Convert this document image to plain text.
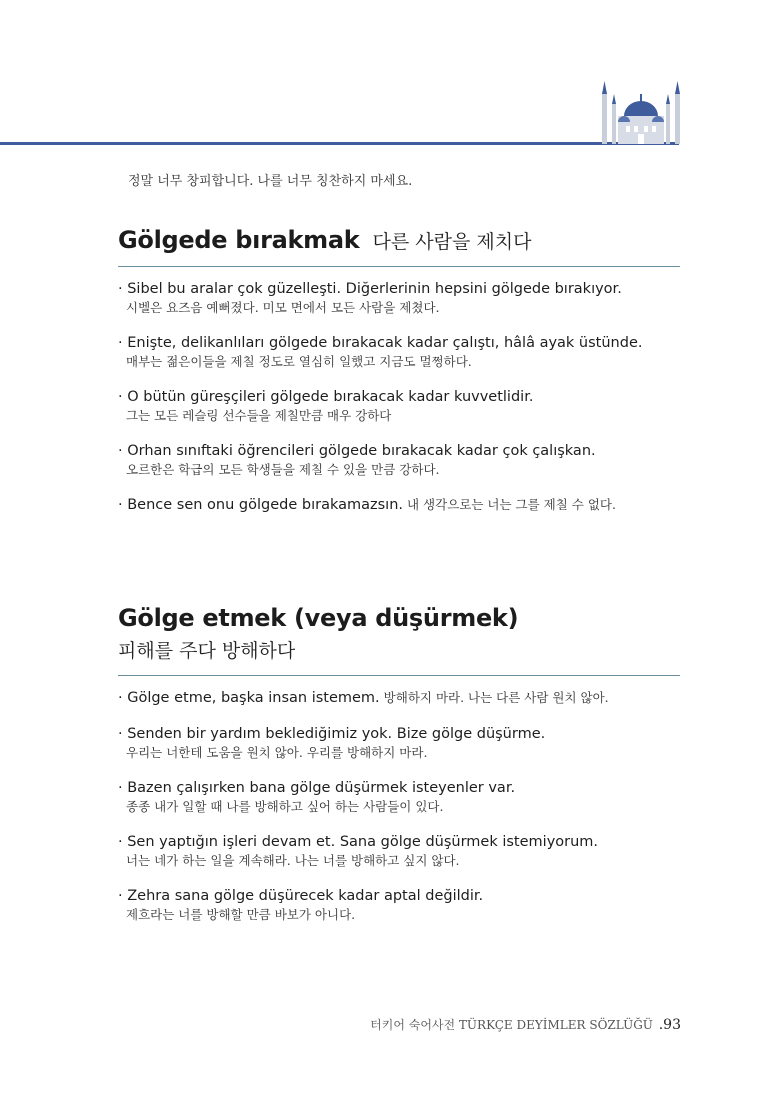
정말 너무 창피합니다. 나를 너무 칭찬하지 마세요.
Gölgede bırakmak 다른 사람을 제치다
· Sibel bu aralar çok güzelleşti. Diğerlerinin hepsini gölgede bırakıyor.
시벨은 요즈음 예뻐졌다. 미모 면에서 모든 사람을 제쳤다.
· Enişte, delikanlıları gölgede bırakacak kadar çalıştı, hâlâ ayak üstünde.
매부는 젊은이들을 제칠 정도로 열심히 일했고 지금도 멀쩡하다.
· O bütün güreşçileri gölgede bırakacak kadar kuvvetlidir.
그는 모든 레슬링 선수들을 제칠만큼 매우 강하다
· Orhan sınıftaki öğrencileri gölgede bırakacak kadar çok çalışkan.
오르한은 학급의 모든 학생들을 제칠 수 있을 만큼 강하다.
· Bence sen onu gölgede bırakamazsın. 내 생각으로는 너는 그를 제칠 수 없다.
Gölge etmek (veya düşürmek)
피해를 주다 방해하다
· Gölge etme, başka insan istemem. 방해하지 마라. 나는 다른 사람 원치 않아.
· Senden bir yardım beklediğimiz yok. Bize gölge düşürme.
우리는 너한테 도움을 원치 않아. 우리를 방해하지 마라.
· Bazen çalışırken bana gölge düşürmek isteyenler var.
종종 내가 일할 때 나를 방해하고 싶어 하는 사람들이 있다.
· Sen yaptığın işleri devam et. Sana gölge düşürmek istemiyorum.
너는 네가 하는 일을 계속해라. 나는 너를 방해하고 싶지 않다.
· Zehra sana gölge düşürecek kadar aptal değildir.
제흐라는 너를 방해할 만큼 바보가 아니다.
터키어 숙어사전 TÜRKÇE DEYİMLER SÖZLÜĞÜ .93
